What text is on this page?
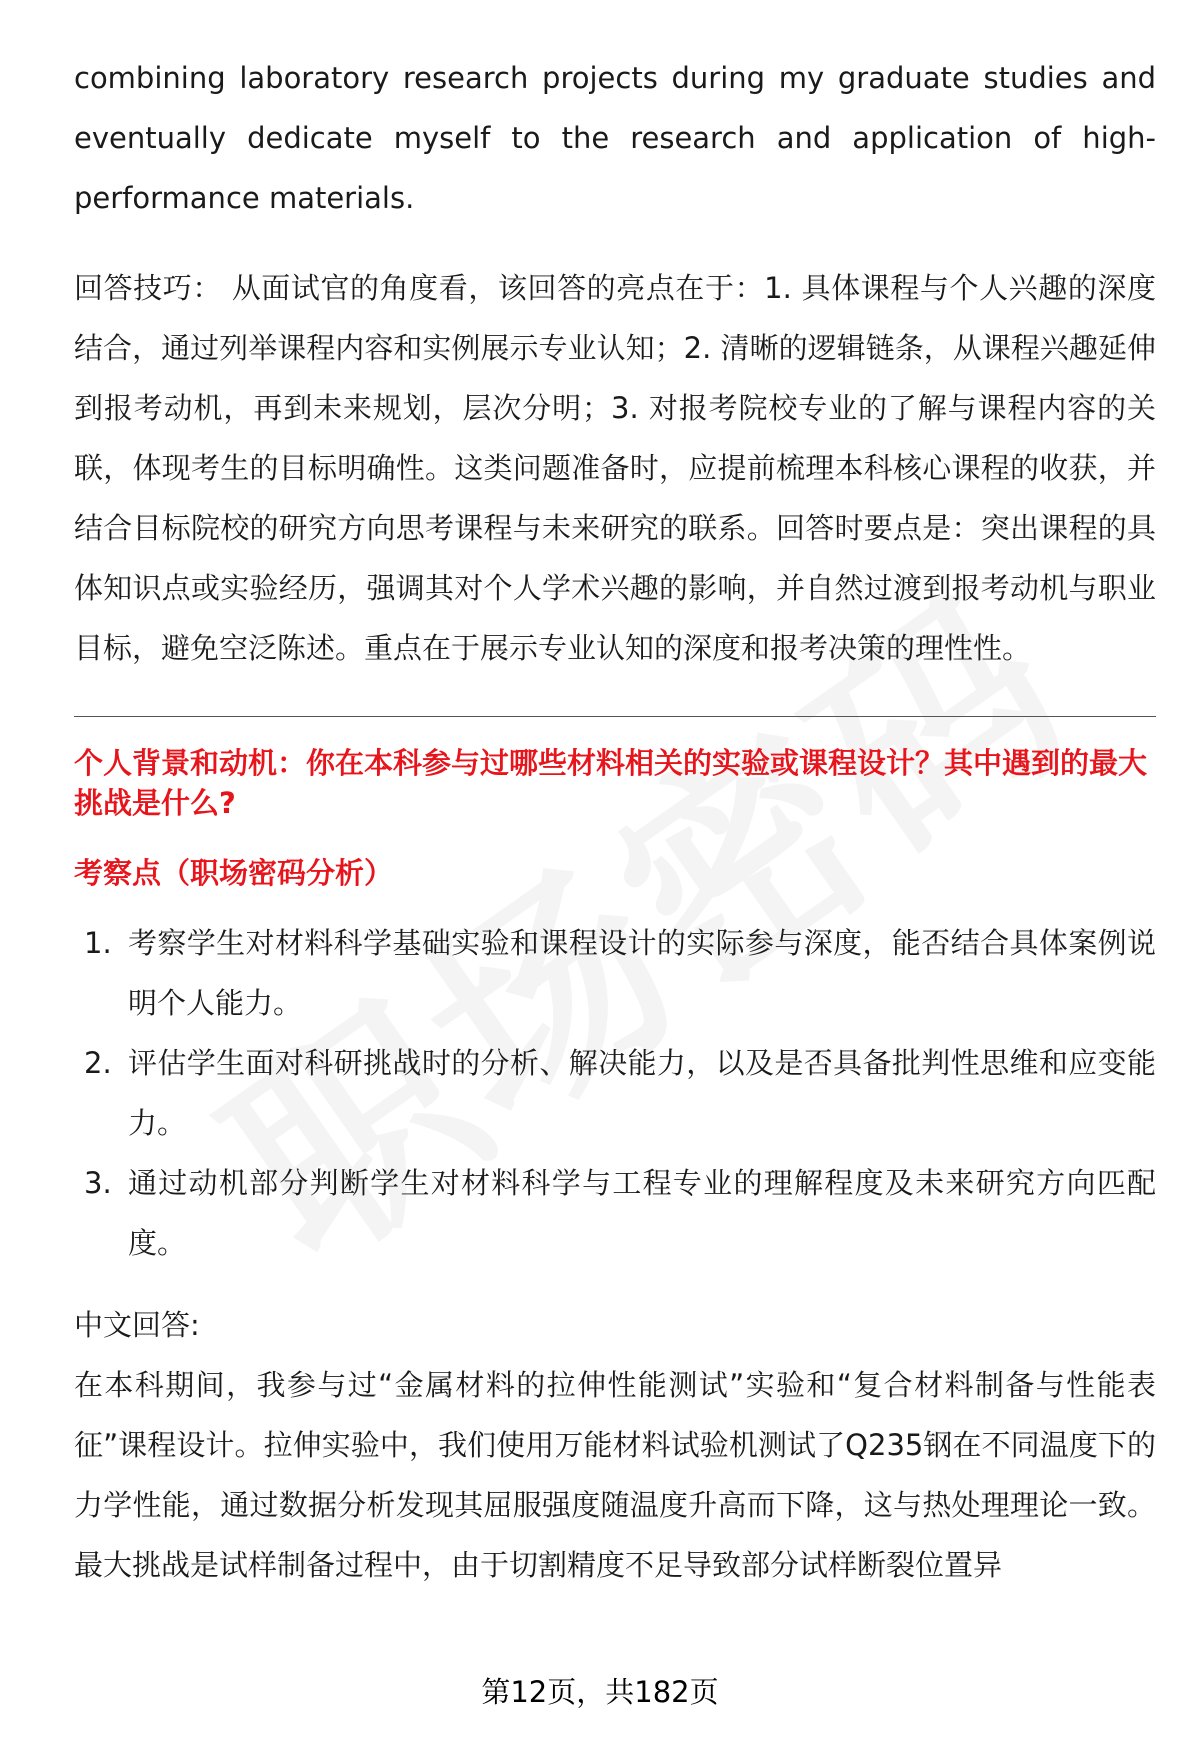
combining laboratory research projects during my graduate studies and eventually dedicate myself to the research and application of high-performance materials.

回答技巧： 从面试官的角度看，该回答的亮点在于：1. 具体课程与个人兴趣的深度结合，通过列举课程内容和实例展示专业认知；2. 清晰的逻辑链条，从课程兴趣延伸到报考动机，再到未来规划，层次分明；3. 对报考院校专业的了解与课程内容的关联，体现考生的目标明确性。这类问题准备时，应提前梳理本科核心课程的收获，并结合目标院校的研究方向思考课程与未来研究的联系。回答时要点是：突出课程的具体知识点或实验经历，强调其对个人学术兴趣的影响，并自然过渡到报考动机与职业目标，避免空泛陈述。重点在于展示专业认知的深度和报考决策的理性性。

个人背景和动机：你在本科参与过哪些材料相关的实验或课程设计？其中遇到的最大挑战是什么?

考察点（职场密码分析）

1. 考察学生对材料科学基础实验和课程设计的实际参与深度，能否结合具体案例说明个人能力。
2. 评估学生面对科研挑战时的分析、解决能力，以及是否具备批判性思维和应变能力。
3. 通过动机部分判断学生对材料科学与工程专业的理解程度及未来研究方向匹配度。

中文回答:

在本科期间，我参与过“金属材料的拉伸性能测试”实验和“复合材料制备与性能表征”课程设计。拉伸实验中，我们使用万能材料试验机测试了Q235钢在不同温度下的力学性能，通过数据分析发现其屈服强度随温度升高而下降，这与热处理理论一致。最大挑战是试样制备过程中，由于切割精度不足导致部分试样断裂位置异

第12页，共182页
